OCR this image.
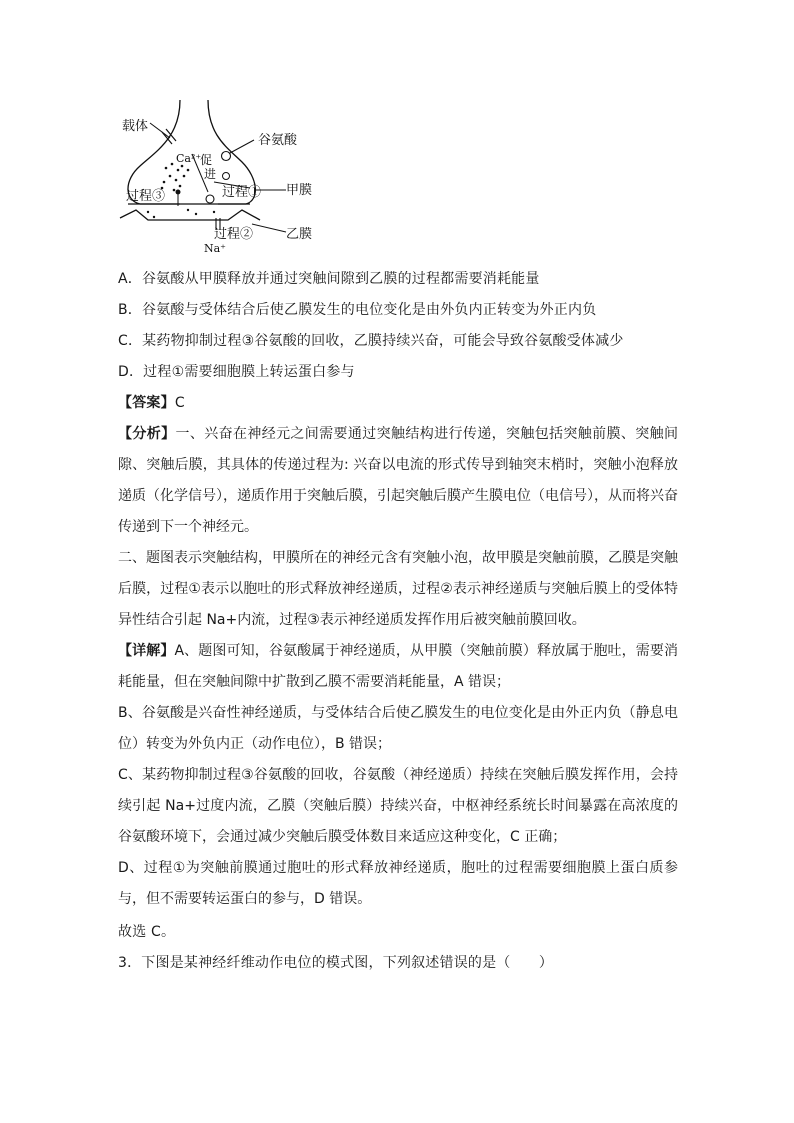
载体
谷氨酸
Ca²⁺
促
进
过程① 甲膜
过程③
过程②	乙膜
Na⁺
A．谷氨酸从甲膜释放并通过突触间隙到乙膜的过程都需要消耗能量
B．谷氨酸与受体结合后使乙膜发生的电位变化是由外负内正转变为外正内负
C．某药物抑制过程③谷氨酸的回收，乙膜持续兴奋，可能会导致谷氨酸受体减少
D．过程①需要细胞膜上转运蛋白参与
【答案】C
【分析】一、兴奋在神经元之间需要通过突触结构进行传递，突触包括突触前膜、突触间隙、突触后膜，其具体的传递过程为: 兴奋以电流的形式传导到轴突末梢时，突触小泡释放递质（化学信号），递质作用于突触后膜，引起突触后膜产生膜电位（电信号），从而将兴奋传递到下一个神经元。
二、题图表示突触结构，甲膜所在的神经元含有突触小泡，故甲膜是突触前膜，乙膜是突触后膜，过程①表示以胞吐的形式释放神经递质，过程②表示神经递质与突触后膜上的受体特异性结合引起 Na+内流，过程③表示神经递质发挥作用后被突触前膜回收。
【详解】A、题图可知，谷氨酸属于神经递质，从甲膜（突触前膜）释放属于胞吐，需要消耗能量，但在突触间隙中扩散到乙膜不需要消耗能量，A 错误；
B、谷氨酸是兴奋性神经递质，与受体结合后使乙膜发生的电位变化是由外正内负（静息电位）转变为外负内正（动作电位），B 错误；
C、某药物抑制过程③谷氨酸的回收，谷氨酸（神经递质）持续在突触后膜发挥作用，会持续引起 Na+过度内流，乙膜（突触后膜）持续兴奋，中枢神经系统长时间暴露在高浓度的谷氨酸环境下，会通过减少突触后膜受体数目来适应这种变化，C 正确；
D、过程①为突触前膜通过胞吐的形式释放神经递质，胞吐的过程需要细胞膜上蛋白质参与，但不需要转运蛋白的参与，D 错误。
故选 C。
3．下图是某神经纤维动作电位的模式图，下列叙述错误的是（　　）
